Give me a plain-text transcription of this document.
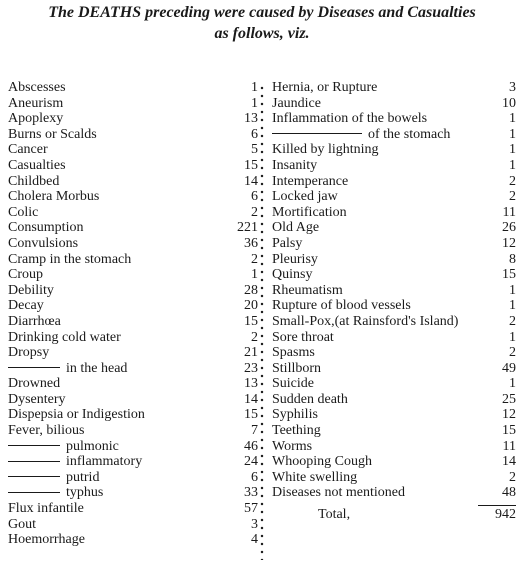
The DEATHS preceding were caused by Diseases and Casualties
as follows, viz.
Abscesses	1
Aneurism	1
Apoplexy	13
Burns or Scalds	6
Cancer	5
Casualties	15
Childbed	14
Cholera Morbus	6
Colic	2
Consumption	221
Convulsions	36
Cramp in the stomach	2
Croup	1
Debility	28
Decay	20
Diarrhœa	15
Drinking cold water	2
Dropsy	21
in the head	23
Drowned	13
Dysentery	14
Dispepsia or Indigestion	15
Fever, bilious	7
pulmonic	46
inflammatory	24
putrid	6
typhus	33
Flux infantile	57
Gout	3
Hoemorrhage	4
Hernia, or Rupture	3
Jaundice	10
Inflammation of the bowels	1
of the stomach	1
Killed by lightning	1
Insanity	1
Intemperance	2
Locked jaw	2
Mortification	11
Old Age	26
Palsy	12
Pleurisy	8
Quinsy	15
Rheumatism	1
Rupture of blood vessels	1
Small-Pox,(at Rainsford's Island)	2
Sore throat	1
Spasms	2
Stillborn	49
Suicide	1
Sudden death	25
Syphilis	12
Teething	15
Worms	11
Whooping Cough	14
White swelling	2
Diseases not mentioned	48
Total,	942
